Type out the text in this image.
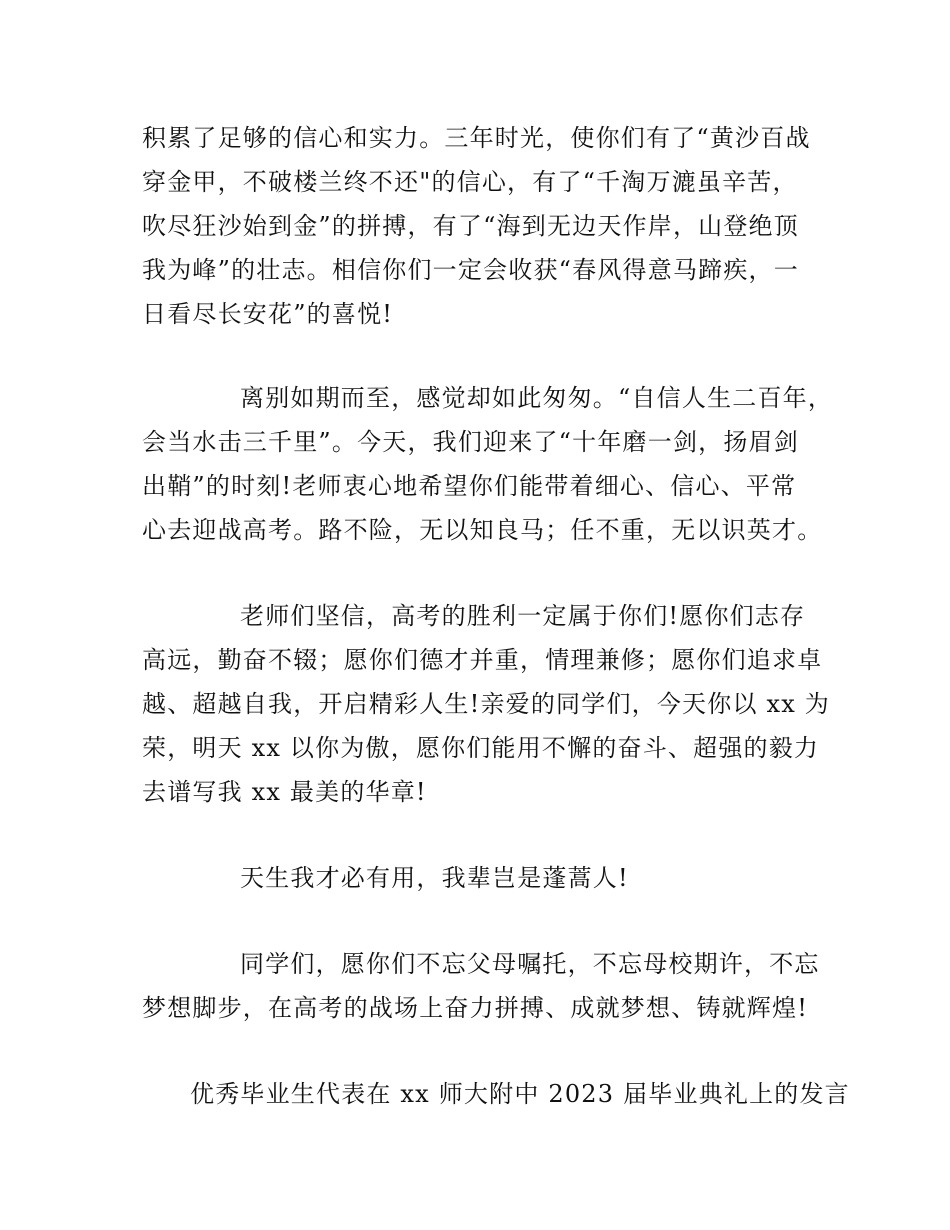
积累了足够的信心和实力。三年时光，使你们有了“黄沙百战
穿金甲，不破楼兰终不还"的信心，有了“千淘万漉虽辛苦，
吹尽狂沙始到金”的拼搏，有了“海到无边天作岸，山登绝顶
我为峰”的壮志。相信你们一定会收获“春风得意马蹄疾，一
日看尽长安花”的喜悦!
离别如期而至，感觉却如此匆匆。“自信人生二百年，
会当水击三千里”。今天，我们迎来了“十年磨一剑，扬眉剑
出鞘”的时刻!老师衷心地希望你们能带着细心、信心、平常
心去迎战高考。路不险，无以知良马；任不重，无以识英才。
老师们坚信，高考的胜利一定属于你们!愿你们志存
高远，勤奋不辍；愿你们德才并重，情理兼修；愿你们追求卓
越、超越自我，开启精彩人生!亲爱的同学们，今天你以 xx 为
荣，明天 xx 以你为傲，愿你们能用不懈的奋斗、超强的毅力
去谱写我 xx 最美的华章!
天生我才必有用，我辈岂是蓬蒿人!
同学们，愿你们不忘父母嘱托，不忘母校期许，不忘
梦想脚步，在高考的战场上奋力拼搏、成就梦想、铸就辉煌!
优秀毕业生代表在 xx 师大附中 2023 届毕业典礼上的发言
